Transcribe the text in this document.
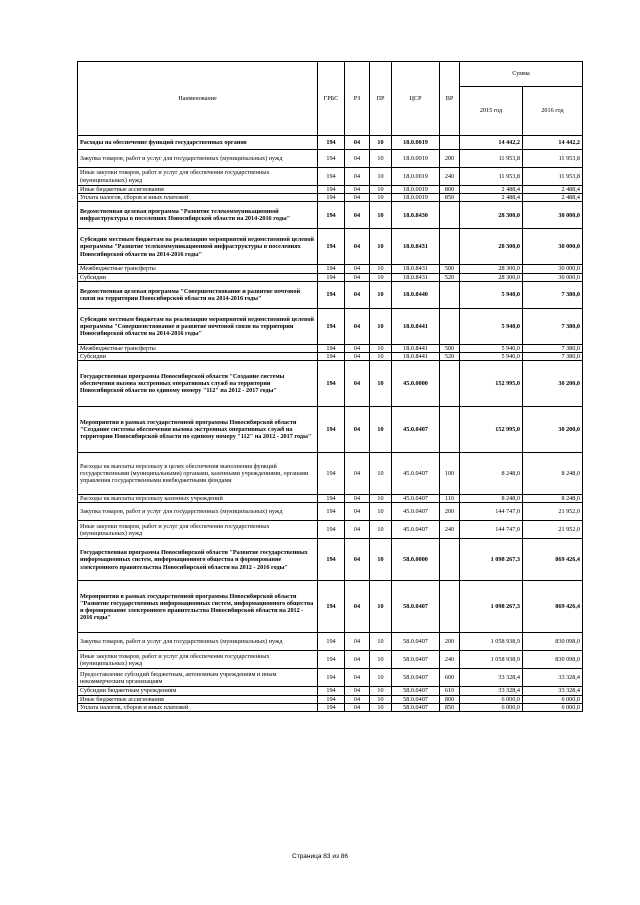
Наименование	ГРБС	РЗ	ПР	ЦСР	ВР	Сумма	
						2015 год	2016 год
Расходы на обеспечение функций государственных органов	194	04	10	18.0.0019		14 442,2	14 442,2
Закупка товаров, работ и услуг для государственных (муниципальных) нужд	194	04	10	18.0.0019	200	11 953,8	11 953,8
Иные закупки товаров, работ и услуг для обеспечения государственных (муниципальных) нужд	194	04	10	18.0.0019	240	11 953,8	11 953,8
Иные бюджетные ассигнования	194	04	10	18.0.0019	800	2 488,4	2 488,4
Уплата налогов, сборов и иных платежей	194	04	10	18.0.0019	850	2 488,4	2 488,4
Ведомственная целевая программа "Развитие телекоммуникационной инфраструктуры в поселениях Новосибирской области на 2014-2016 годы"	194	04	10	18.0.8430		28 300,0	30 000,0
Субсидии местным бюджетам на реализацию мероприятий ведомственной целевой программы "Развитие телекоммуникационной инфраструктуры в поселениях Новосибирской области на 2014-2016 годы"	194	04	10	18.0.8431		28 300,0	30 000,0
Межбюджетные трансферты	194	04	10	18.0.8431	500	28 300,0	30 000,0
Субсидии	194	04	10	18.0.8431	520	28 300,0	30 000,0
Ведомственная целевая программа "Совершенствование и развитие почтовой связи на территории Новосибирской области на 2014-2016 годы"	194	04	10	18.0.8440		5 940,0	7 380,0
Субсидии местным бюджетам на реализацию мероприятий ведомственной целевой программы "Совершенствование и развитие почтовой связи на территории Новосибирской области на 2014-2016 годы"	194	04	10	18.0.8441		5 940,0	7 380,0
Межбюджетные трансферты	194	04	10	18.0.8441	500	5 940,0	7 380,0
Субсидии	194	04	10	18.0.8441	520	5 940,0	7 380,0
Государственная программа Новосибирской области "Создание системы обеспечения вызова экстренных оперативных служб на территории Новосибирской области по единому номеру "112" на 2012 - 2017 годы"	194	04	10	45.0.0000		152 995,0	30 200,0
Мероприятия в рамках государственной программы Новосибирской области "Создание системы обеспечения вызова экстренных оперативных служб на территории Новосибирской области по единому номеру "112" на 2012 - 2017 годы"	194	04	10	45.0.0407		152 995,0	30 200,0
Расходы на выплаты персоналу в целях обеспечения выполнения функций государственными (муниципальными) органами, казенными учреждениями, органами управления государственными внебюджетными фондами	194	04	10	45.0.0407	100	8 248,0	8 248,0
Расходы на выплаты персоналу казенных учреждений	194	04	10	45.0.0407	110	8 248,0	8 248,0
Закупка товаров, работ и услуг для государственных (муниципальных) нужд	194	04	10	45.0.0407	200	144 747,0	21 952,0
Иные закупки товаров, работ и услуг для обеспечения государственных (муниципальных) нужд	194	04	10	45.0.0407	240	144 747,0	21 952,0
Государственная программа Новосибирской области "Развитие государственных информационных систем, информационного общества и формирование электронного правительства Новосибирской области на 2012 - 2016 годы"	194	04	10	58.0.0000		1 098 267,3	869 426,4
Мероприятия в рамках государственной программы Новосибирской области "Развитие государственных информационных систем, информационного общества и формирование электронного правительства Новосибирской области на 2012 - 2016 годы"	194	04	10	58.0.0407		1 098 267,3	869 426,4
Закупка товаров, работ и услуг для государственных (муниципальных) нужд	194	04	10	58.0.0407	200	1 058 938,9	830 098,0
Иные закупки товаров, работ и услуг для обеспечения государственных (муниципальных) нужд	194	04	10	58.0.0407	240	1 058 938,9	830 098,0
Предоставление субсидий бюджетным, автономным учреждениям и иным некоммерческим организациям	194	04	10	58.0.0407	600	33 328,4	33 328,4
Субсидии бюджетным учреждениям	194	04	10	58.0.0407	610	33 328,4	33 328,4
Иные бюджетные ассигнования	194	04	10	58.0.0407	800	6 000,0	6 000,0
Уплата налогов, сборов и иных платежей	194	04	10	58.0.0407	850	6 000,0	6 000,0
Страница 83 из 86
